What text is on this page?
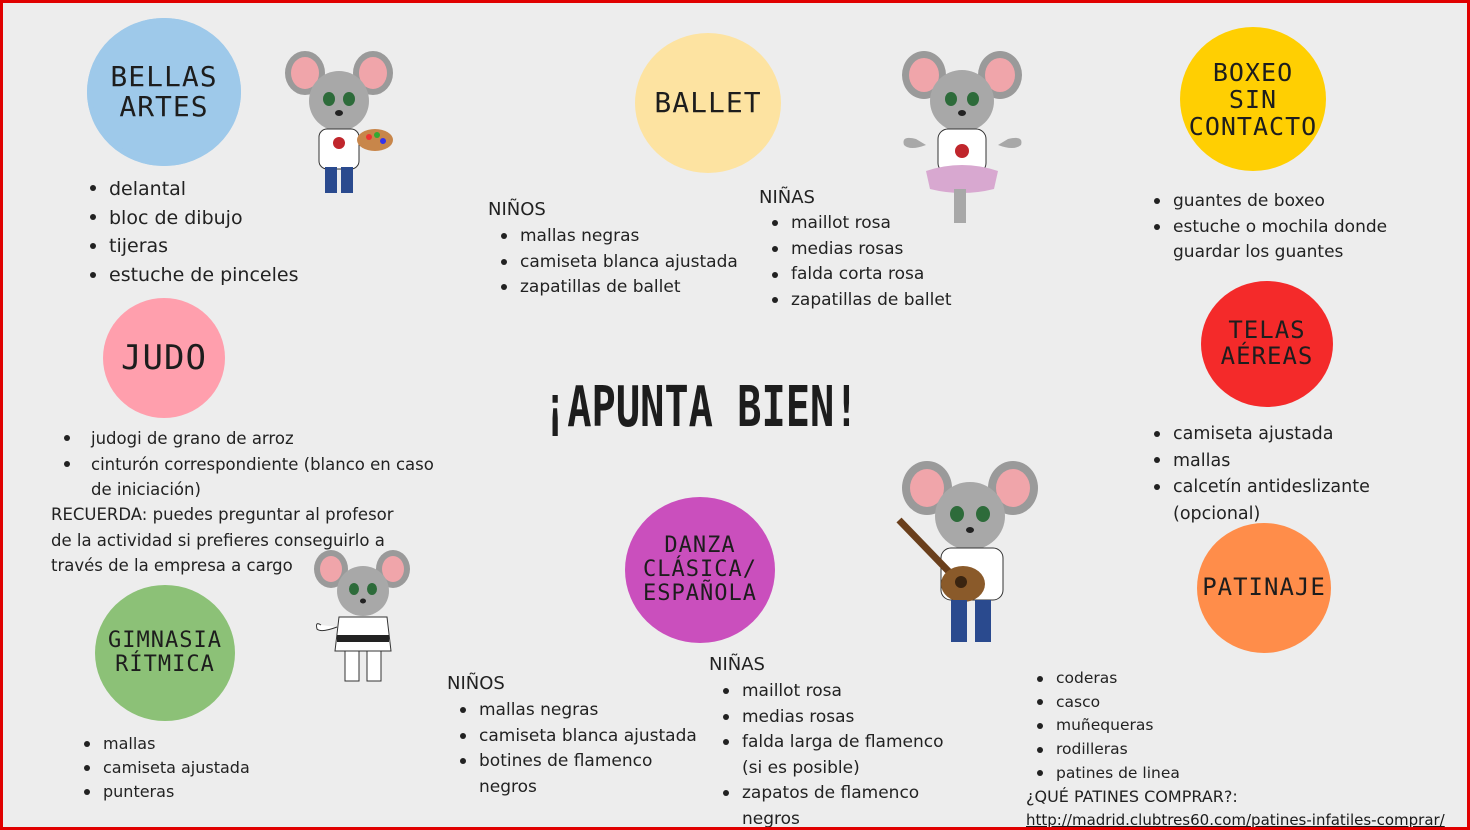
BELLAS
ARTES
delantal
bloc de dibujo
tijeras
estuche de pinceles
BALLET
NIÑOS
mallas negras
camiseta blanca ajustada
zapatillas de ballet
NIÑAS
maillot rosa
medias rosas
falda corta rosa
zapatillas de ballet
BOXEO
SIN
CONTACTO
guantes de boxeo
estuche o mochila donde guardar los guantes
JUDO
judogi de grano de arroz
cinturón correspondiente (blanco en caso de iniciación)
RECUERDA: puedes preguntar al profesor de la actividad si prefieres conseguirlo a través de la empresa a cargo
¡APUNTA BIEN!
TELAS
AÉREAS
camiseta ajustada
mallas
calcetín antideslizante (opcional)
GIMNASIA
RÍTMICA
mallas
camiseta ajustada
punteras
DANZA
CLÁSICA/
ESPAÑOLA
NIÑOS
mallas negras
camiseta blanca ajustada
botines de flamenco negros
NIÑAS
maillot rosa
medias rosas
falda larga de flamenco (si es posible)
zapatos de flamenco negros
PATINAJE
coderas
casco
muñequeras
rodilleras
patines de linea
¿QUÉ PATINES COMPRAR?:
http://madrid.clubtres60.com/patines-infatiles-comprar/
